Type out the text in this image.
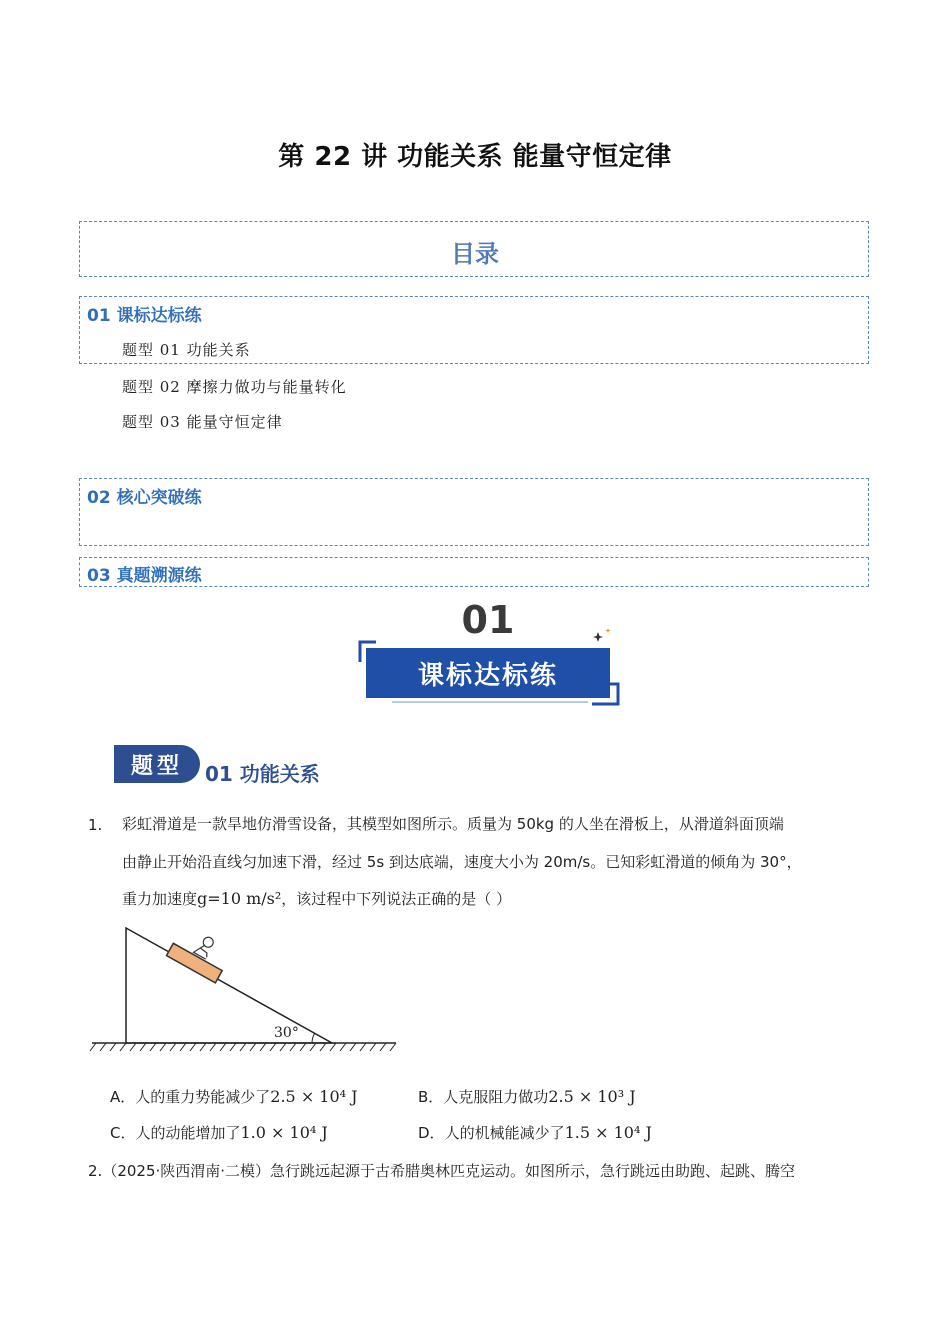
第 22 讲 功能关系 能量守恒定律
目录
01 课标达标练
题型 01 功能关系
题型 02 摩擦力做功与能量转化
题型 03 能量守恒定律
02 核心突破练
03 真题溯源练
01
课标达标练
题型 01 功能关系
1. 彩虹滑道是一款旱地仿滑雪设备，其模型如图所示。质量为 50kg 的人坐在滑板上，从滑道斜面顶端
由静止开始沿直线匀加速下滑，经过 5s 到达底端，速度大小为 20m/s。已知彩虹滑道的倾角为 30°，
重力加速度g=10 m/s²，该过程中下列说法正确的是（ ）
30°
A．人的重力势能减少了2.5 × 10⁴ J	B．人克服阻力做功2.5 × 10³ J
C．人的动能增加了1.0 × 10⁴ J	D．人的机械能减少了1.5 × 10⁴ J
2.（2025·陕西渭南·二模）急行跳远起源于古希腊奥林匹克运动。如图所示，急行跳远由助跑、起跳、腾空
